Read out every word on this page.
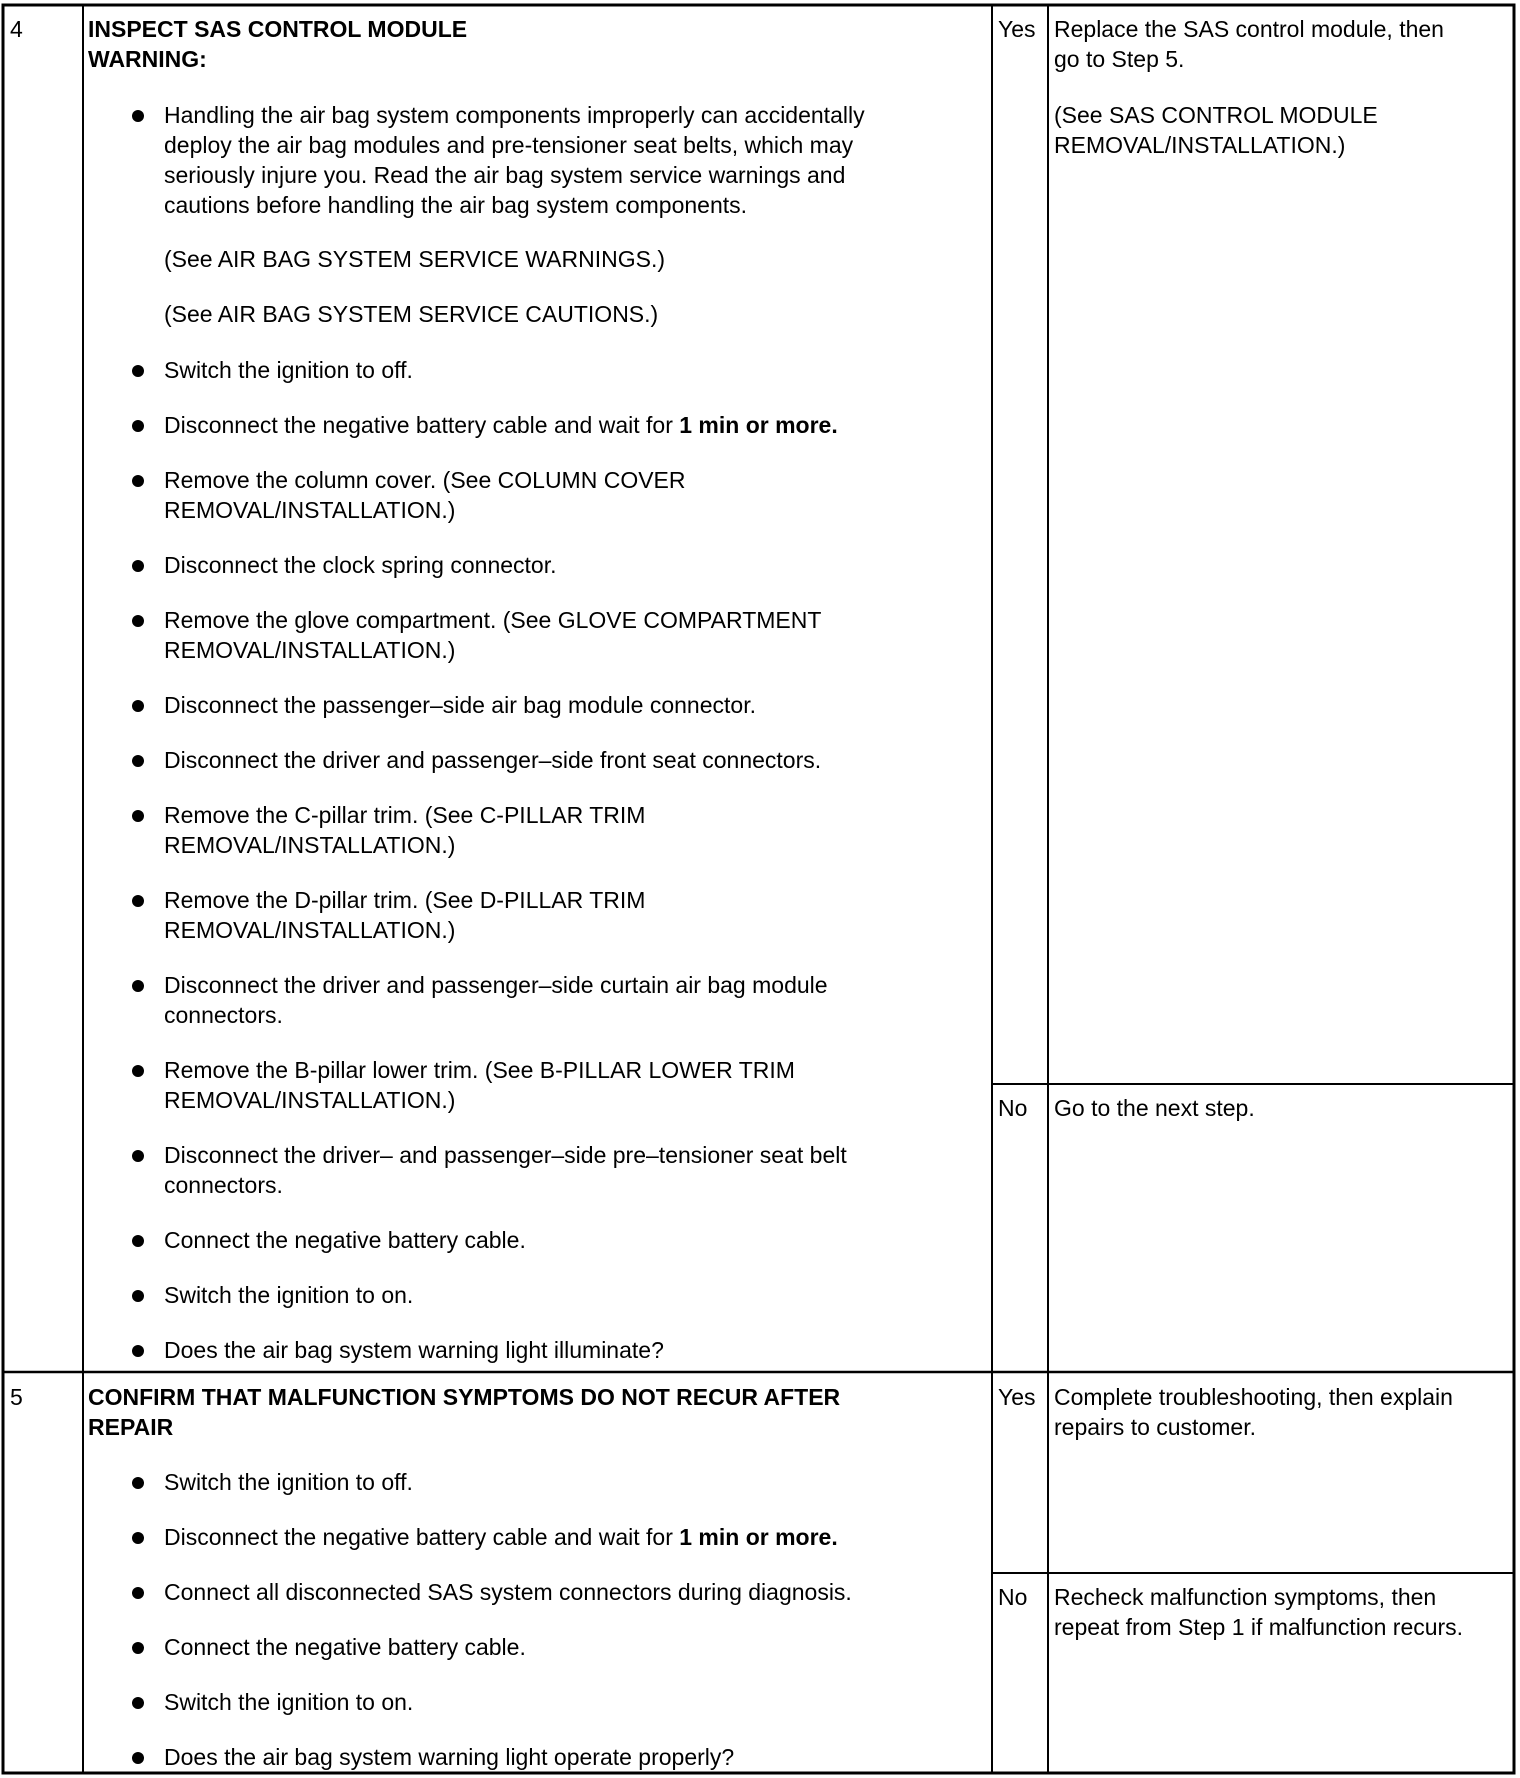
4	INSPECT SAS CONTROL MODULE
WARNING:
Handling the air bag system components improperly can accidentally
deploy the air bag modules and pre-tensioner seat belts, which may
seriously injure you. Read the air bag system service warnings and
cautions before handling the air bag system components.
(See AIR BAG SYSTEM SERVICE WARNINGS.)
(See AIR BAG SYSTEM SERVICE CAUTIONS.)
Switch the ignition to off.
Disconnect the negative battery cable and wait for 1 min or more.
Remove the column cover. (See COLUMN COVER
REMOVAL/INSTALLATION.)
Disconnect the clock spring connector.
Remove the glove compartment. (See GLOVE COMPARTMENT
REMOVAL/INSTALLATION.)
Disconnect the passenger–side air bag module connector.
Disconnect the driver and passenger–side front seat connectors.
Remove the C-pillar trim. (See C-PILLAR TRIM
REMOVAL/INSTALLATION.)
Remove the D-pillar trim. (See D-PILLAR TRIM
REMOVAL/INSTALLATION.)
Disconnect the driver and passenger–side curtain air bag module
connectors.
Remove the B-pillar lower trim. (See B-PILLAR LOWER TRIM
REMOVAL/INSTALLATION.)
Disconnect the driver– and passenger–side pre–tensioner seat belt
connectors.
Connect the negative battery cable.
Switch the ignition to on.
Does the air bag system warning light illuminate?
Yes Replace the SAS control module, then
go to Step 5.
(See SAS CONTROL MODULE
REMOVAL/INSTALLATION.)
No Go to the next step.
5	CONFIRM THAT MALFUNCTION SYMPTOMS DO NOT RECUR AFTER
REPAIR
Switch the ignition to off.
Disconnect the negative battery cable and wait for 1 min or more.
Connect all disconnected SAS system connectors during diagnosis.
Connect the negative battery cable.
Switch the ignition to on.
Does the air bag system warning light operate properly?
Yes Complete troubleshooting, then explain
repairs to customer.
No Recheck malfunction symptoms, then
repeat from Step 1 if malfunction recurs.
